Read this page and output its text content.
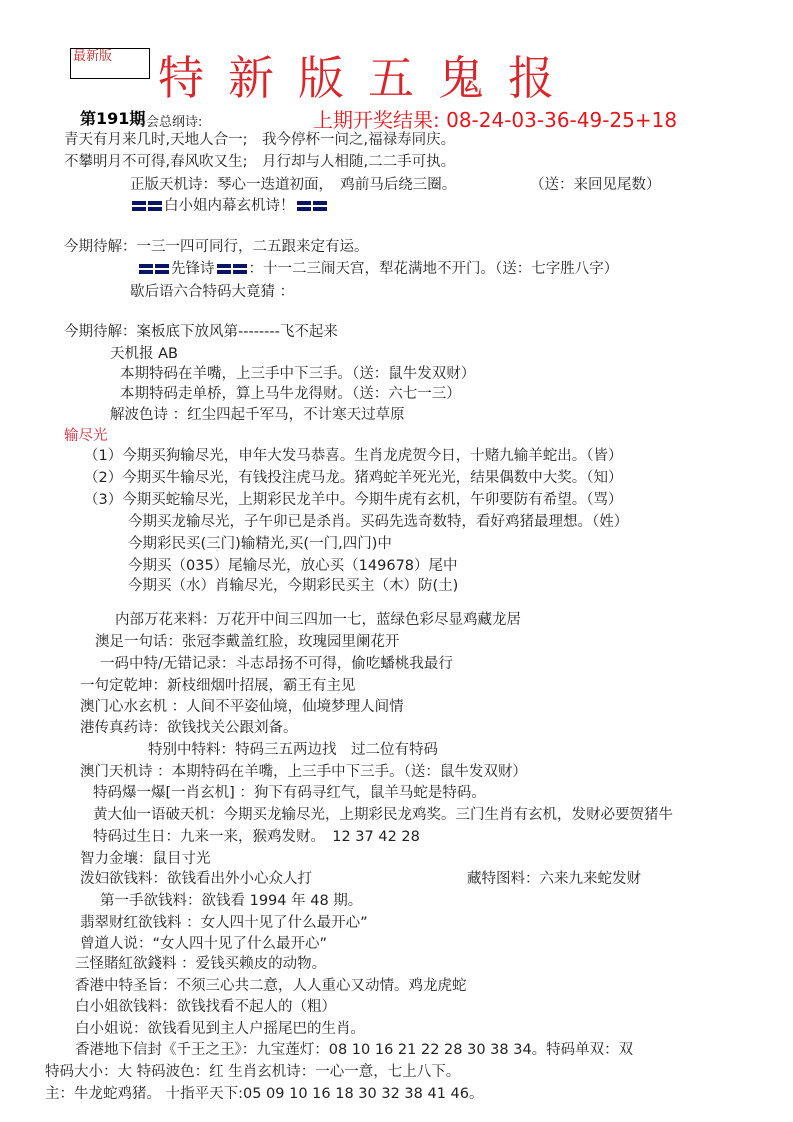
最新版 特新版五鬼报
第191期
马会总纲诗:	上期开奖结果: 08-24-03-36-49-25+18
青天有月来几时,天地人合一;　我今停杯一问之,福禄寿同庆。
不攀明月不可得,春风吹又生;　月行却与人相随,二二手可执。
正版天机诗：琴心一迭道初面，　鸡前马后绕三圈。	（送：来回见尾数）
白小姐内幕玄机诗！
今期待解：一三一四可同行，二五跟来定有运。
先锋诗 ：十一二三闹天宫，犁花满地不开门。（送：七字胜八字）
歇后语六合特码大竟猜 ：
今期待解：案板底下放风第--------飞不起来
天机报 AB
本期特码在羊嘴，上三手中下三手。（送：鼠牛发双财）
本期特码走单桥，算上马牛龙得财。（送：六七一三）
解波色诗 ：红尘四起千军马，不计寒天过草原
输尽光
（1）今期买狗输尽光，申年大发马恭喜。生肖龙虎贺今日，十赌九输羊蛇出。（皆）
（2）今期买牛输尽光，有钱投注虎马龙。猪鸡蛇羊死光光，结果偶数中大奖。（知）
（3）今期买蛇输尽光，上期彩民龙羊中。今期牛虎有玄机，午卯要防有希望。（骂）
今期买龙输尽光，子午卯已是杀肖。买码先选奇数特，看好鸡猪最理想。（姓）
今期彩民买(三门)输精光,买(一门,四门)中
今期买（035）尾输尽光，放心买（149678）尾中
今期买（水）肖输尽光，今期彩民买主（木）防(土)
内部万花来料：万花开中间三四加一七，蓝绿色彩尽显鸡藏龙居
澳足一句话：张冠李戴盖红脸，玫瑰园里阑花开
一码中特/无错记录：斗志昂扬不可得，偷吃蟠桃我最行
一句定乾坤：新枝细烟叶招展，霸王有主见
澳门心水玄机 ：人间不平姿仙境，仙境梦理人间情
港传真药诗：欲钱找关公跟刘备。
特别中特料：特码三五两边找　过二位有特码
澳门天机诗 ：本期特码在羊嘴，上三手中下三手。（送：鼠牛发双财）
特码爆一爆[一肖玄机] ：狗下有码寻红气，鼠羊马蛇是特码。
黄大仙一语破天机：今期买龙输尽光，上期彩民龙鸡奖。三门生肖有玄机，发财必要贺猪牛
特码过生日：九来一来，猴鸡发财。　12 37 42 28
智力金壤：鼠目寸光
泼妇欲钱料：欲钱看出外小心众人打	藏特图料：六来九来蛇发财
第一手欲钱料：欲钱看 1994 年 48 期。
翡翠财红欲钱料 ：女人四十见了什么最开心”
曾道人说：“女人四十见了什么最开心”
三怪賭紅欲錢料 ：爱钱买赖皮的动物。
香港中特圣旨：不须三心共二意，人人重心又动情。鸡龙虎蛇
白小姐欲钱料：欲钱找看不起人的（粗）
白小姐说：欲钱看见到主人户摇尾巴的生肖。
香港地下信封《千王之王》：九宝莲灯：08 10 16 21 22 28 30 38 34。特码单双：双
特码大小：大 特码波色：红 生肖玄机诗：一心一意，七上八下。
主：牛龙蛇鸡猪。 十指平天下:05 09 10 16 18 30 32 38 41 46。
